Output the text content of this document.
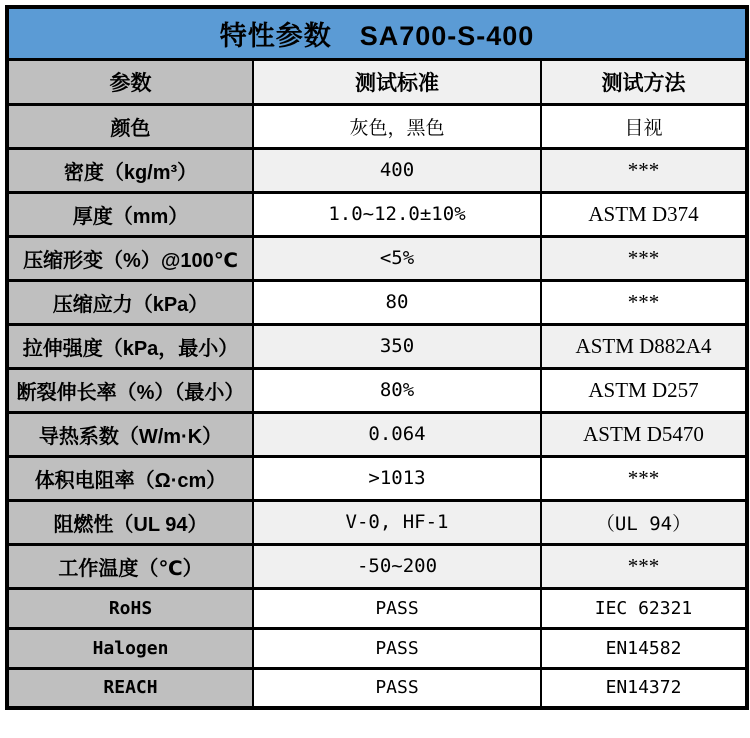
特性参数　SA700-S-400		
参数	测试标准	测试方法
颜色	灰色，黑色	目视
密度（kg/m³）	400	***
厚度（mm）	1.0~12.0±10%	ASTM D374
压缩形变（%）@100℃	<5%	***
压缩应力（kPa）	80	***
拉伸强度（kPa，最小）	350	ASTM D882A4
断裂伸长率（%）（最小）	80%	ASTM D257
导热系数（W/m·K）	0.064	ASTM D5470
体积电阻率（Ω·cm）	>1013	***
阻燃性（UL 94）	V-0, HF-1	（UL 94）
工作温度（℃）	-50~200	***
RoHS	PASS	IEC 62321
Halogen	PASS	EN14582
REACH	PASS	EN14372
